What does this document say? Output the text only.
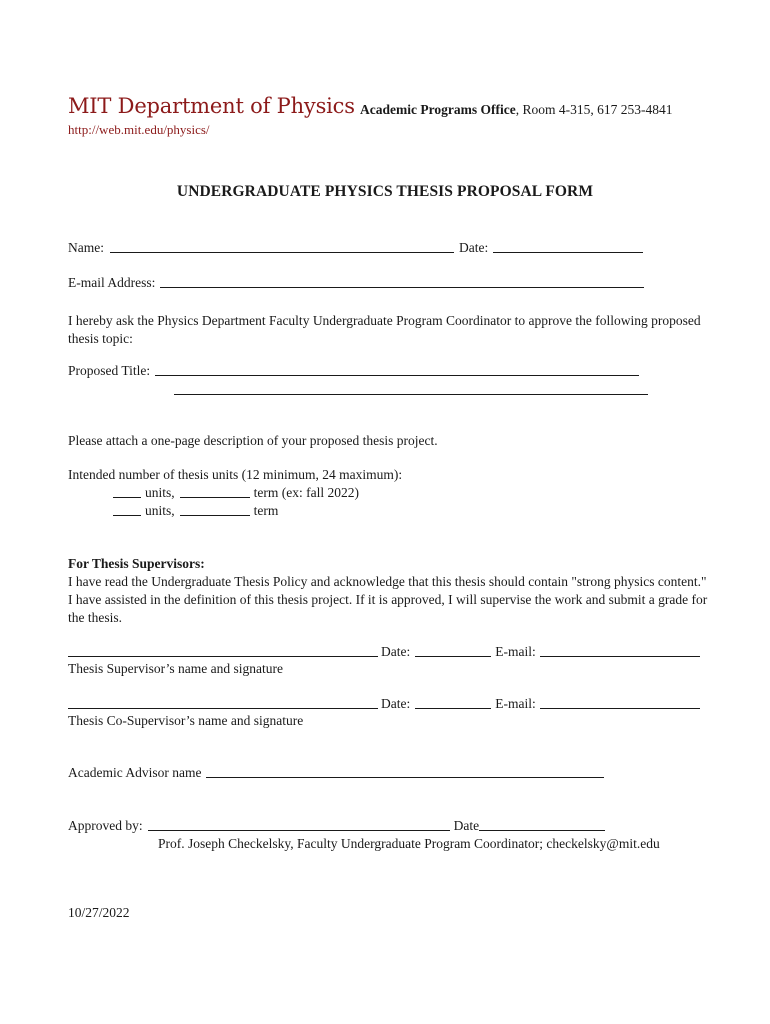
MIT Department of Physics Academic Programs Office, Room 4-315, 617 253-4841
http://web.mit.edu/physics/
UNDERGRADUATE PHYSICS THESIS PROPOSAL FORM
Name:	Date:
E-mail Address:
I hereby ask the Physics Department Faculty Undergraduate Program Coordinator to approve the following proposed thesis topic:
Proposed Title:
Please attach a one-page description of your proposed thesis project.
Intended number of thesis units (12 minimum, 24 maximum):
units,	term (ex: fall 2022)
units,	term
For Thesis Supervisors:
I have read the Undergraduate Thesis Policy and acknowledge that this thesis should contain "strong physics content." I have assisted in the definition of this thesis project. If it is approved, I will supervise the work and submit a grade for the thesis.
Date:	E-mail:
Thesis Supervisor’s name and signature
Date:	E-mail:
Thesis Co-Supervisor’s name and signature
Academic Advisor name
Approved by:	Date
Prof. Joseph Checkelsky, Faculty Undergraduate Program Coordinator; checkelsky@mit.edu
10/27/2022
